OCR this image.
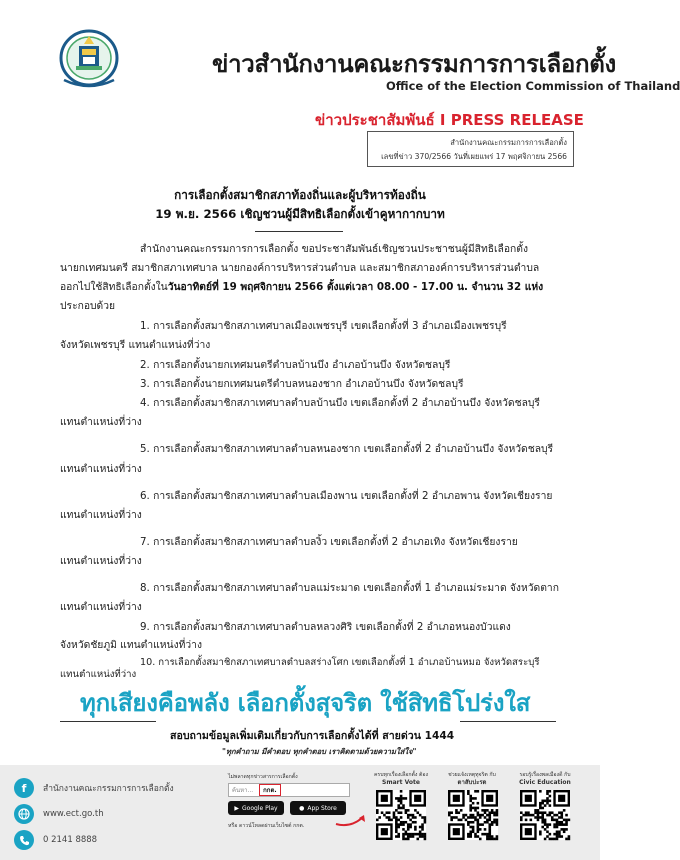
ข่าวสำนักงานคณะกรรมการการเลือกตั้ง
Office of the Election Commission of Thailand
ข่าวประชาสัมพันธ์ I PRESS RELEASE
สำนักงานคณะกรรมการการเลือกตั้ง
เลขที่ข่าว 370/2566 วันที่เผยแพร่ 17 พฤศจิกายน 2566
การเลือกตั้งสมาชิกสภาท้องถิ่นและผู้บริหารท้องถิ่น
19 พ.ย. 2566 เชิญชวนผู้มีสิทธิเลือกตั้งเข้าคูหากากบาท
สำนักงานคณะกรรมการการเลือกตั้ง ขอประชาสัมพันธ์เชิญชวนประชาชนผู้มีสิทธิเลือกตั้ง
นายกเทศมนตรี สมาชิกสภาเทศบาล นายกองค์การบริหารส่วนตำบล และสมาชิกสภาองค์การบริหารส่วนตำบล
ออกไปใช้สิทธิเลือกตั้งในวันอาทิตย์ที่ 19 พฤศจิกายน 2566 ตั้งแต่เวลา 08.00 - 17.00 น. จำนวน 32 แห่ง
ประกอบด้วย
1. การเลือกตั้งสมาชิกสภาเทศบาลเมืองเพชรบุรี เขตเลือกตั้งที่ 3 อำเภอเมืองเพชรบุรี
จังหวัดเพชรบุรี แทนตำแหน่งที่ว่าง
2. การเลือกตั้งนายกเทศมนตรีตำบลบ้านบึง อำเภอบ้านบึง จังหวัดชลบุรี
3. การเลือกตั้งนายกเทศมนตรีตำบลหนองชาก อำเภอบ้านบึง จังหวัดชลบุรี
4. การเลือกตั้งสมาชิกสภาเทศบาลตำบลบ้านบึง เขตเลือกตั้งที่ 2 อำเภอบ้านบึง จังหวัดชลบุรี
แทนตำแหน่งที่ว่าง
5. การเลือกตั้งสมาชิกสภาเทศบาลตำบลหนองชาก เขตเลือกตั้งที่ 2 อำเภอบ้านบึง จังหวัดชลบุรี
แทนตำแหน่งที่ว่าง
6. การเลือกตั้งสมาชิกสภาเทศบาลตำบลเมืองพาน เขตเลือกตั้งที่ 2 อำเภอพาน จังหวัดเชียงราย
แทนตำแหน่งที่ว่าง
7. การเลือกตั้งสมาชิกสภาเทศบาลตำบลงิ้ว เขตเลือกตั้งที่ 2 อำเภอเทิง จังหวัดเชียงราย
แทนตำแหน่งที่ว่าง
8. การเลือกตั้งสมาชิกสภาเทศบาลตำบลแม่ระมาด เขตเลือกตั้งที่ 1 อำเภอแม่ระมาด จังหวัดตาก
แทนตำแหน่งที่ว่าง
9. การเลือกตั้งสมาชิกสภาเทศบาลตำบลหลวงศิริ เขตเลือกตั้งที่ 2 อำเภอหนองบัวแดง
จังหวัดชัยภูมิ แทนตำแหน่งที่ว่าง
10. การเลือกตั้งสมาชิกสภาเทศบาลตำบลสร่างโศก เขตเลือกตั้งที่ 1 อำเภอบ้านหมอ จังหวัดสระบุรี
ทุกเสียงคือพลัง เลือกตั้งสุจริต ใช้สิทธิโปร่งใส
สอบถามข้อมูลเพิ่มเติมเกี่ยวกับการเลือกตั้งได้ที่ สายด่วน 1444
"ทุกคำถาม มีคำตอบ ทุกคำตอบ เราคิดตามด้วยความใส่ใจ"
f	สำนักงานคณะกรรมการการเลือกตั้ง
www.ect.go.th
0 2141 8888
ไม่พลาดทุกข่าวสารการเลือกตั้ง
ค้นหา...	กกต.
▶ Google Play	● App Store
หรือ ดาวน์โหลดผ่านเว็บไซต์ กกต.
ครบทุกเรื่องเลือกตั้ง ต้อง
Smart Vote
ช่วยแจ้งเหตุทุจริต กับ
ตาสับปะรด
รอบรู้เรื่องพลเมืองดี กับ
Civic Education
แทนตำแหน่งที่ว่าง
